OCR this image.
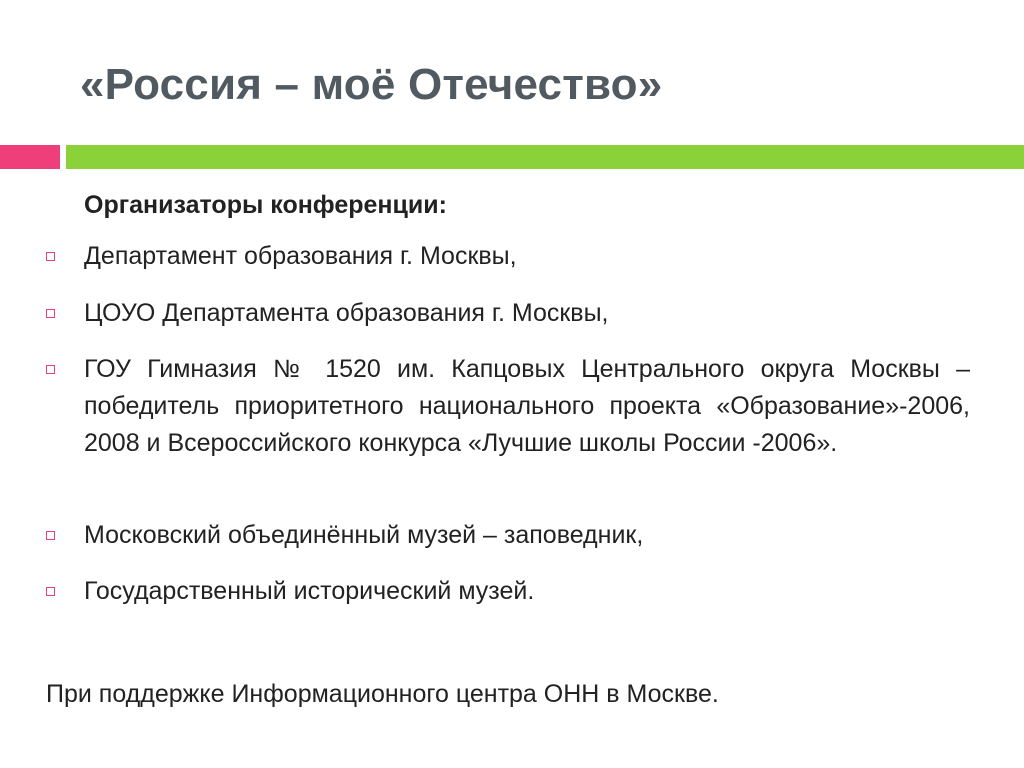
«Россия – моё Отечество»
Организаторы конференции:
Департамент образования г. Москвы,
ЦОУО Департамента образования г. Москвы,
ГОУ Гимназия № 1520 им. Капцовых Центрального округа Москвы – победитель приоритетного национального проекта «Образование»-2006, 2008 и Всероссийского конкурса «Лучшие школы России -2006».
Московский объединённый музей – заповедник,
Государственный исторический музей.

При поддержке Информационного центра ОНН в Москве.
